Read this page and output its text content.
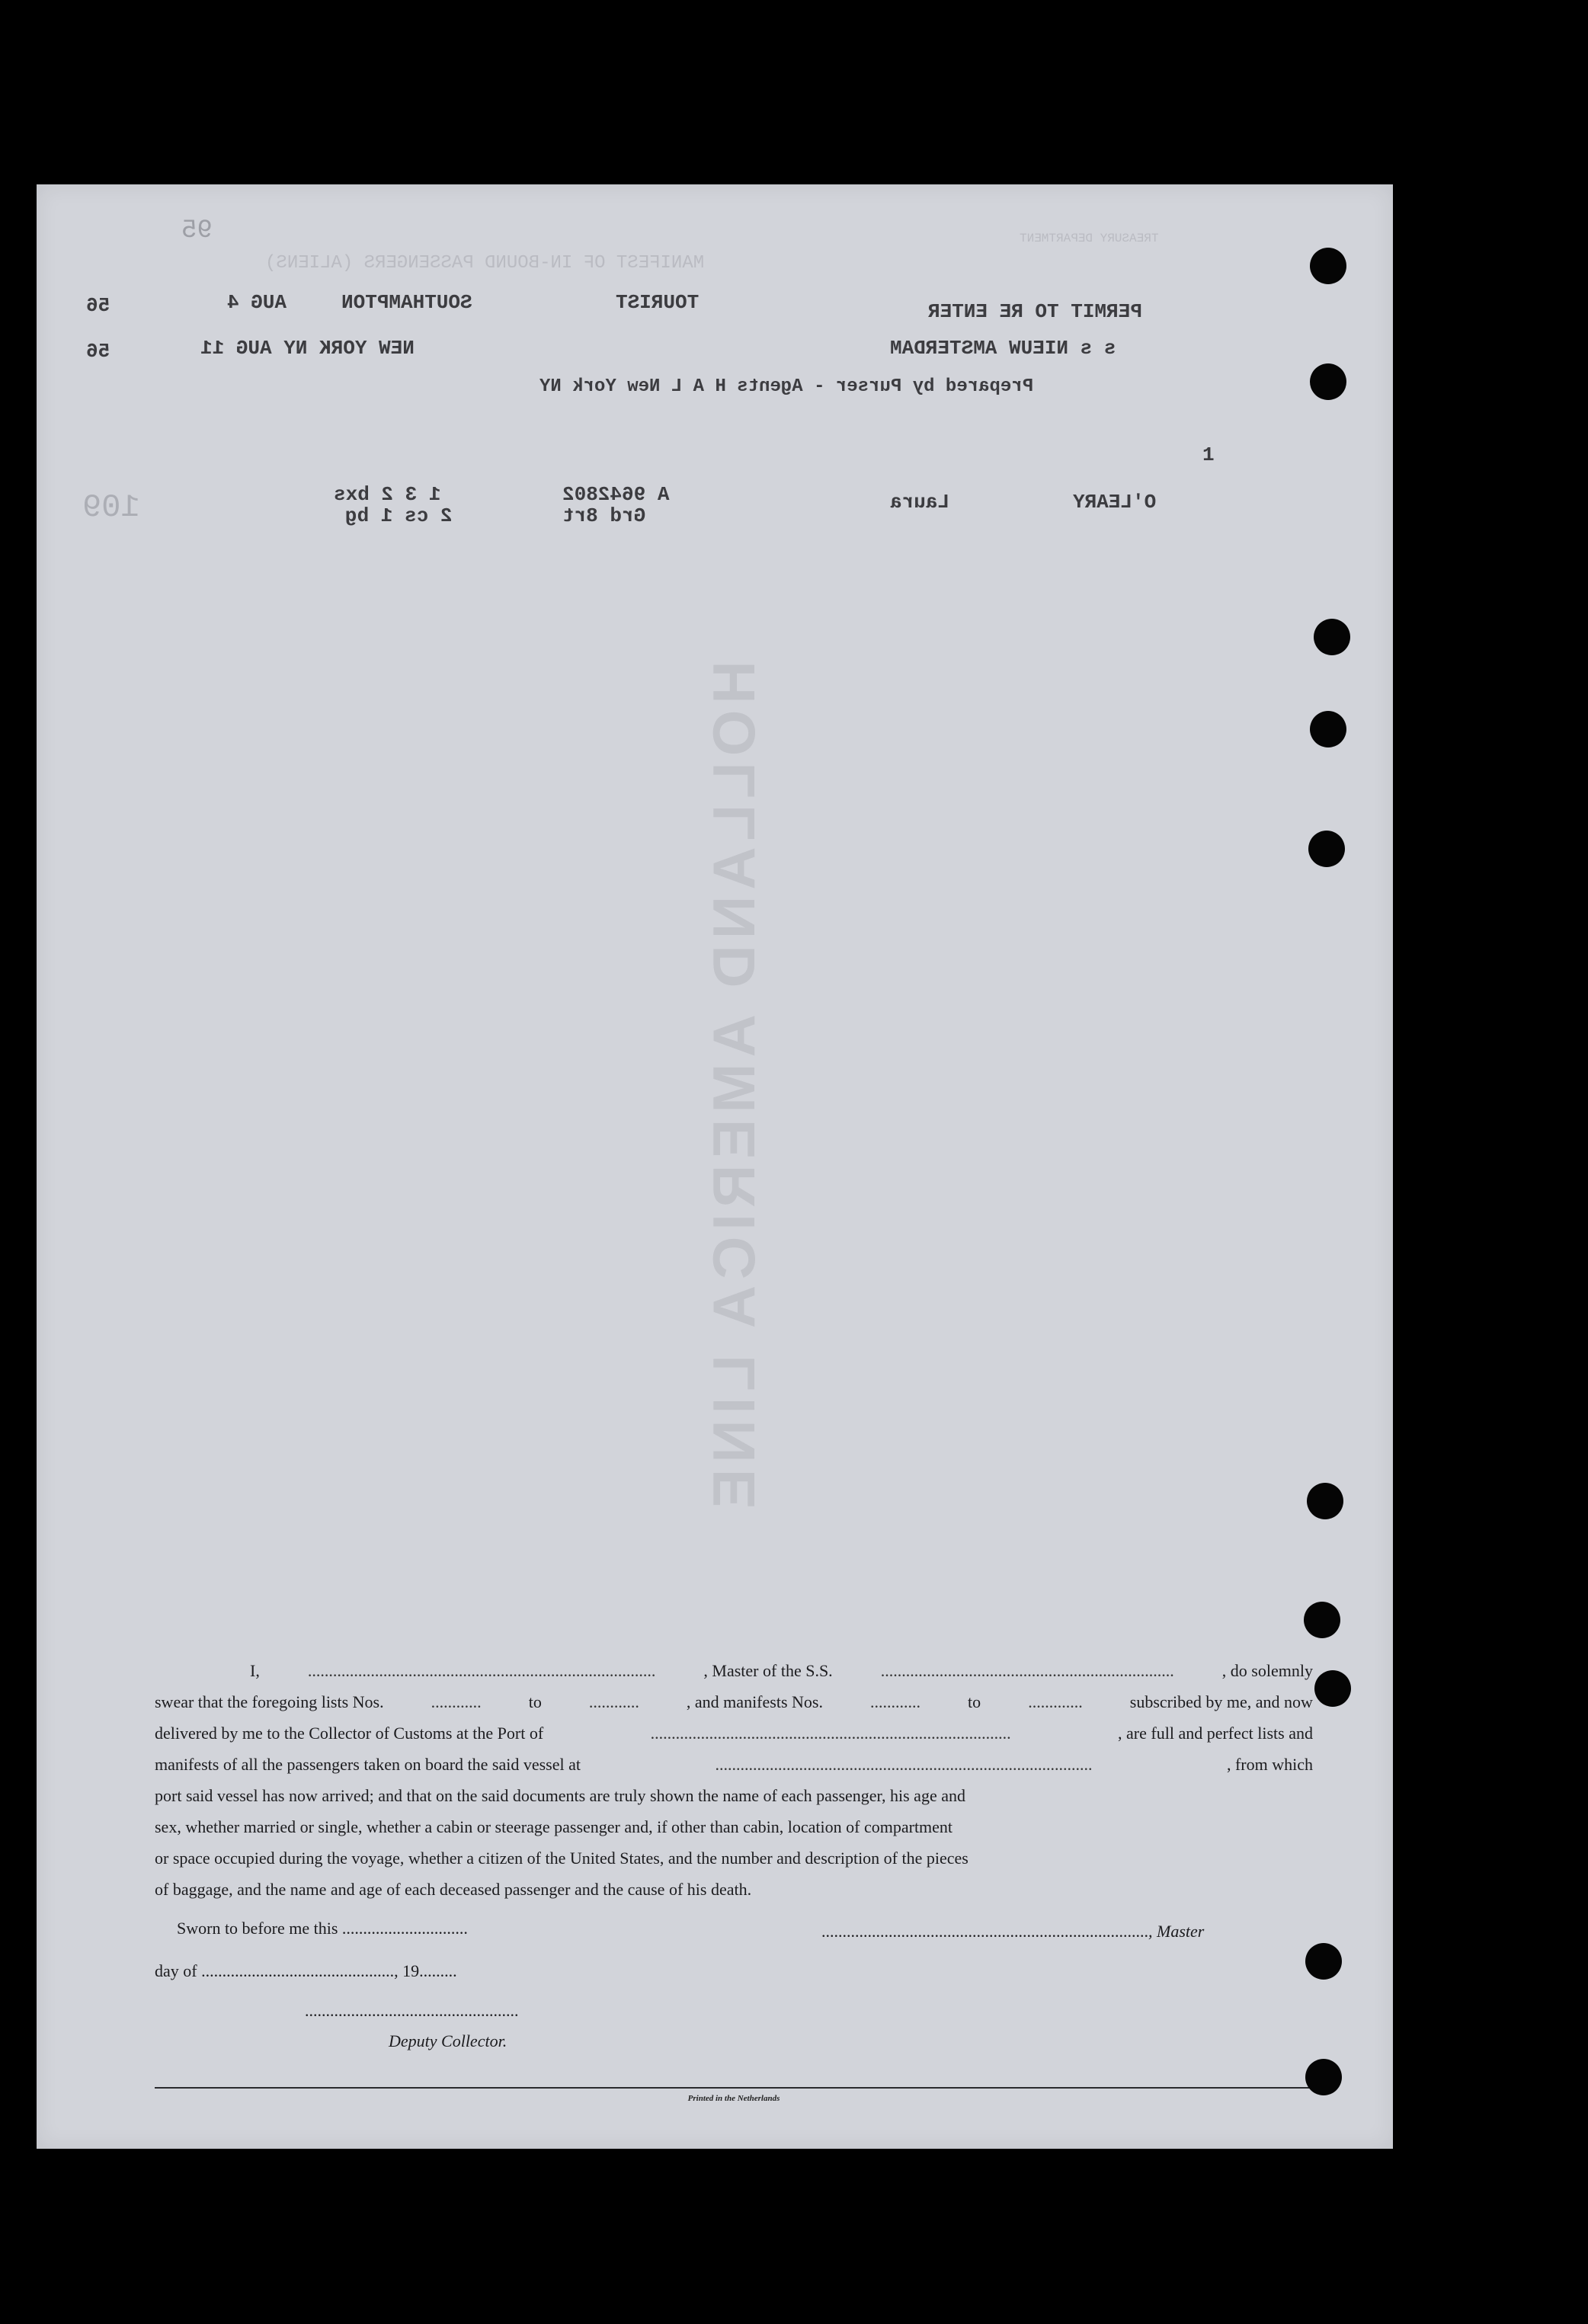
MANIFEST OF IN-BOUND PASSENGERS (ALIENS)
TREASURY DEPARTMENT
95
109
PERMIT TO RE ENTER
TOURIST
SOUTHAMPTON
AUG 4
56
s s NIEUW AMSTERDAM
NEW YORK NY AUG 11
56
Prepared by Purser - Agents H A L New York NY
1
O'LEARY
Laura
A 9642802
Grd 8rt
1 3 2 bxs
2 cs 1 bg
HOLLAND AMERICA LINE
I,	...................................................................................	, Master of the S.S.	......................................................................	, do solemnly
swear that the foregoing lists Nos.	............	to	............	, and manifests Nos.	............	to	.............	subscribed by me, and now
delivered by me to the Collector of Customs at the Port of	......................................................................................	, are full and perfect lists and
manifests of all the passengers taken on board the said vessel at	..........................................................................................	, from which
port said vessel has now arrived; and that on the said documents are truly shown the name of each passenger, his age and
sex, whether married or single, whether a cabin or steerage passenger and, if other than cabin, location of compartment
or space occupied during the voyage, whether a citizen of the United States, and the number and description of the pieces
of baggage, and the name and age of each deceased passenger and the cause of his death.
Sworn to before me this ..............................	.............................................................................., Master
day of .............................................., 19.........
...................................................
Deputy Collector.
Printed in the Netherlands
